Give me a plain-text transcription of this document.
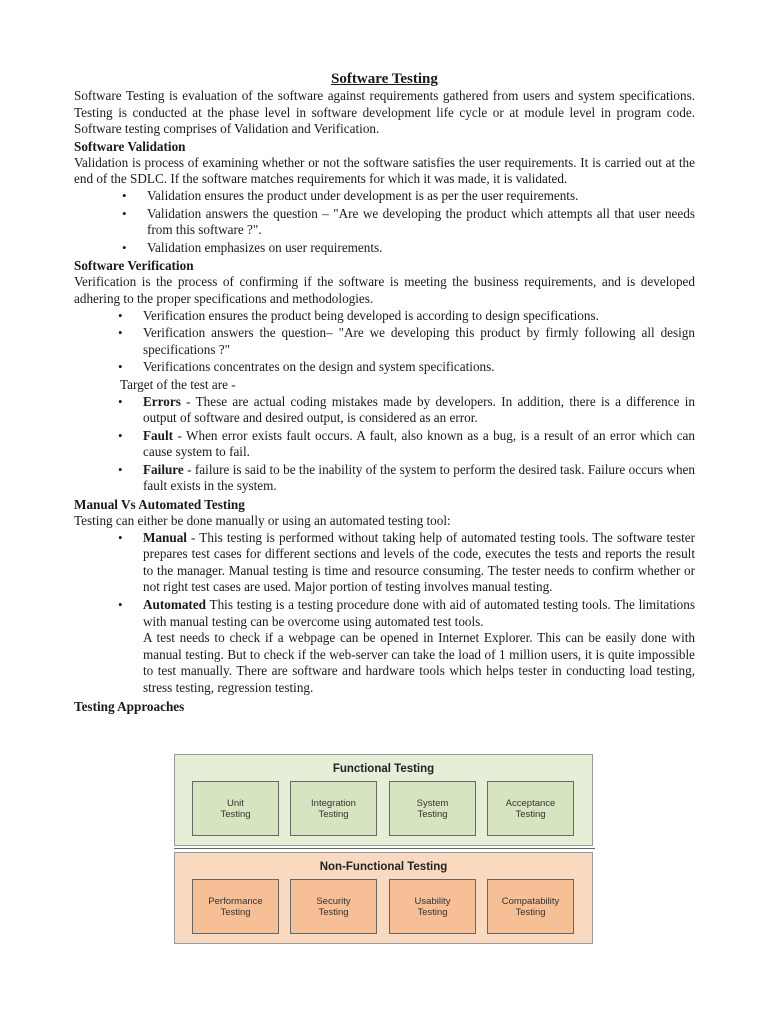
Software Testing

Software Testing is evaluation of the software against requirements gathered from users and system specifications. Testing is conducted at the phase level in software development life cycle or at module level in program code. Software testing comprises of Validation and Verification.

Software Validation

Validation is process of examining whether or not the software satisfies the user requirements. It is carried out at the end of the SDLC. If the software matches requirements for which it was made, it is validated.

• Validation ensures the product under development is as per the user requirements.
• Validation answers the question – "Are we developing the product which attempts all that user needs from this software ?".
• Validation emphasizes on user requirements.
Software Verification

Verification is the process of confirming if the software is meeting the business requirements, and is developed adhering to the proper specifications and methodologies.

• Verification ensures the product being developed is according to design specifications.
• Verification answers the question– "Are we developing this product by firmly following all design specifications ?"
• Verifications concentrates on the design and system specifications.

Target of the test are -

• Errors - These are actual coding mistakes made by developers. In addition, there is a difference in output of software and desired output, is considered as an error.
• Fault - When error exists fault occurs. A fault, also known as a bug, is a result of an error which can cause system to fail.
• Failure - failure is said to be the inability of the system to perform the desired task. Failure occurs when fault exists in the system.
Manual Vs Automated Testing

Testing can either be done manually or using an automated testing tool:

• Manual - This testing is performed without taking help of automated testing tools. The software tester prepares test cases for different sections and levels of the code, executes the tests and reports the result to the manager. Manual testing is time and resource consuming. The tester needs to confirm whether or not right test cases are used. Major portion of testing involves manual testing.
• Automated This testing is a testing procedure done with aid of automated testing tools. The limitations with manual testing can be overcome using automated test tools.
A test needs to check if a webpage can be opened in Internet Explorer. This can be easily done with manual testing. But to check if the web-server can take the load of 1 million users, it is quite impossible to test manually. There are software and hardware tools which helps tester in conducting load testing, stress testing, regression testing.
Testing Approaches
Functional Testing
Unit
Testing
Integration
Testing
System
Testing
Acceptance
Testing
Non-Functional Testing
Performance
Testing
Security
Testing
Usability
Testing
Compatability
Testing
